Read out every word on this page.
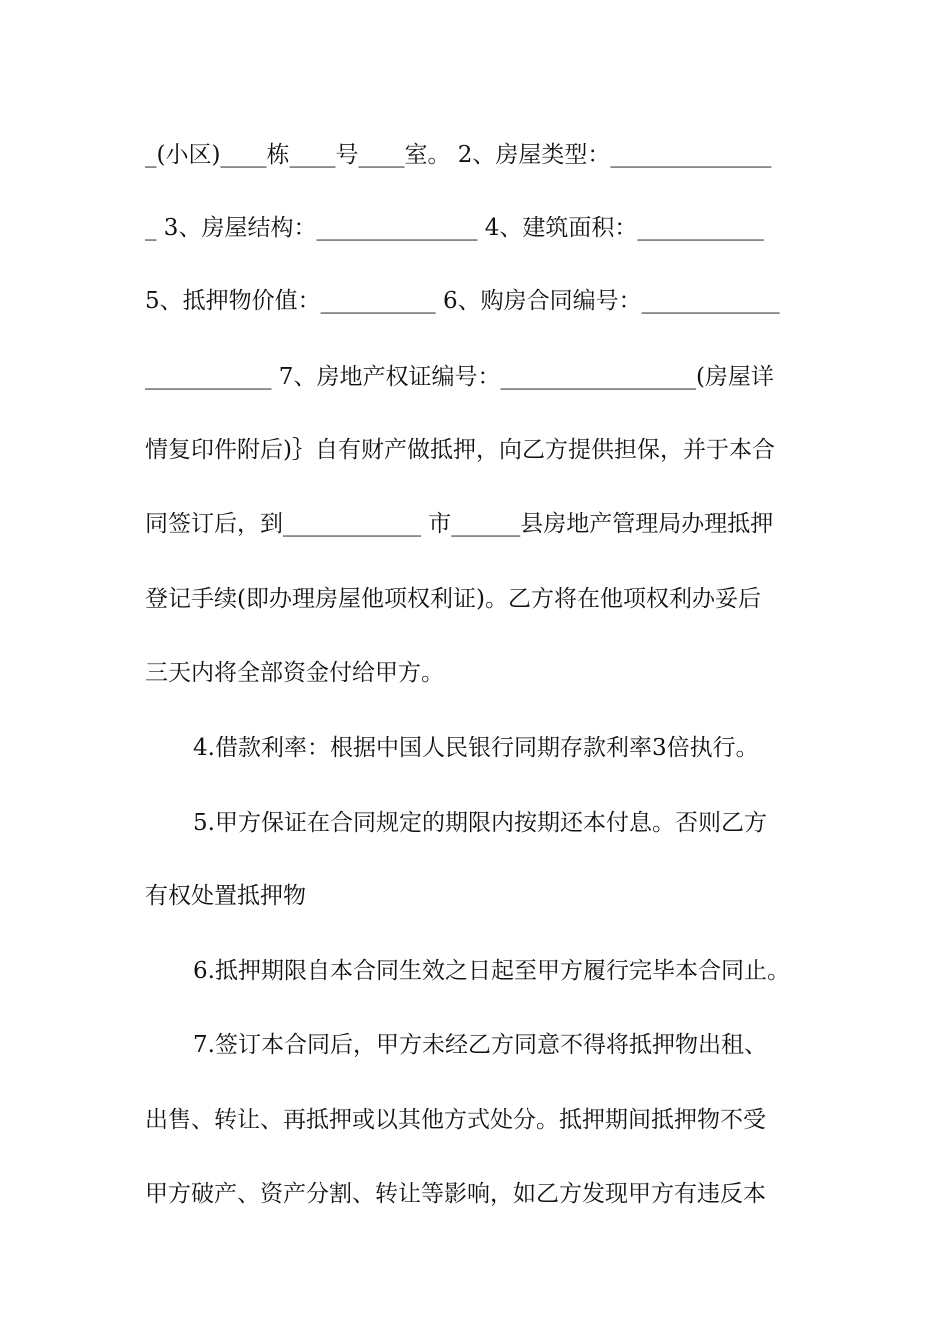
_(小区)____栋____号____室。 2、房屋类型：______________
_ 3、房屋结构：______________ 4、建筑面积：___________
5、抵押物价值：__________ 6、购房合同编号：____________
___________ 7、房地产权证编号：_________________(房屋详
情复印件附后)｝自有财产做抵押，向乙方提供担保，并于本合
同签订后，到____________ 市______县房地产管理局办理抵押
登记手续(即办理房屋他项权利证)。乙方将在他项权利办妥后
三天内将全部资金付给甲方。
4.借款利率：根据中国人民银行同期存款利率3倍执行。
5.甲方保证在合同规定的期限内按期还本付息。否则乙方
有权处置抵押物
6.抵押期限自本合同生效之日起至甲方履行完毕本合同止。
7.签订本合同后，甲方未经乙方同意不得将抵押物出租、
出售、转让、再抵押或以其他方式处分。抵押期间抵押物不受
甲方破产、资产分割、转让等影响，如乙方发现甲方有违反本
